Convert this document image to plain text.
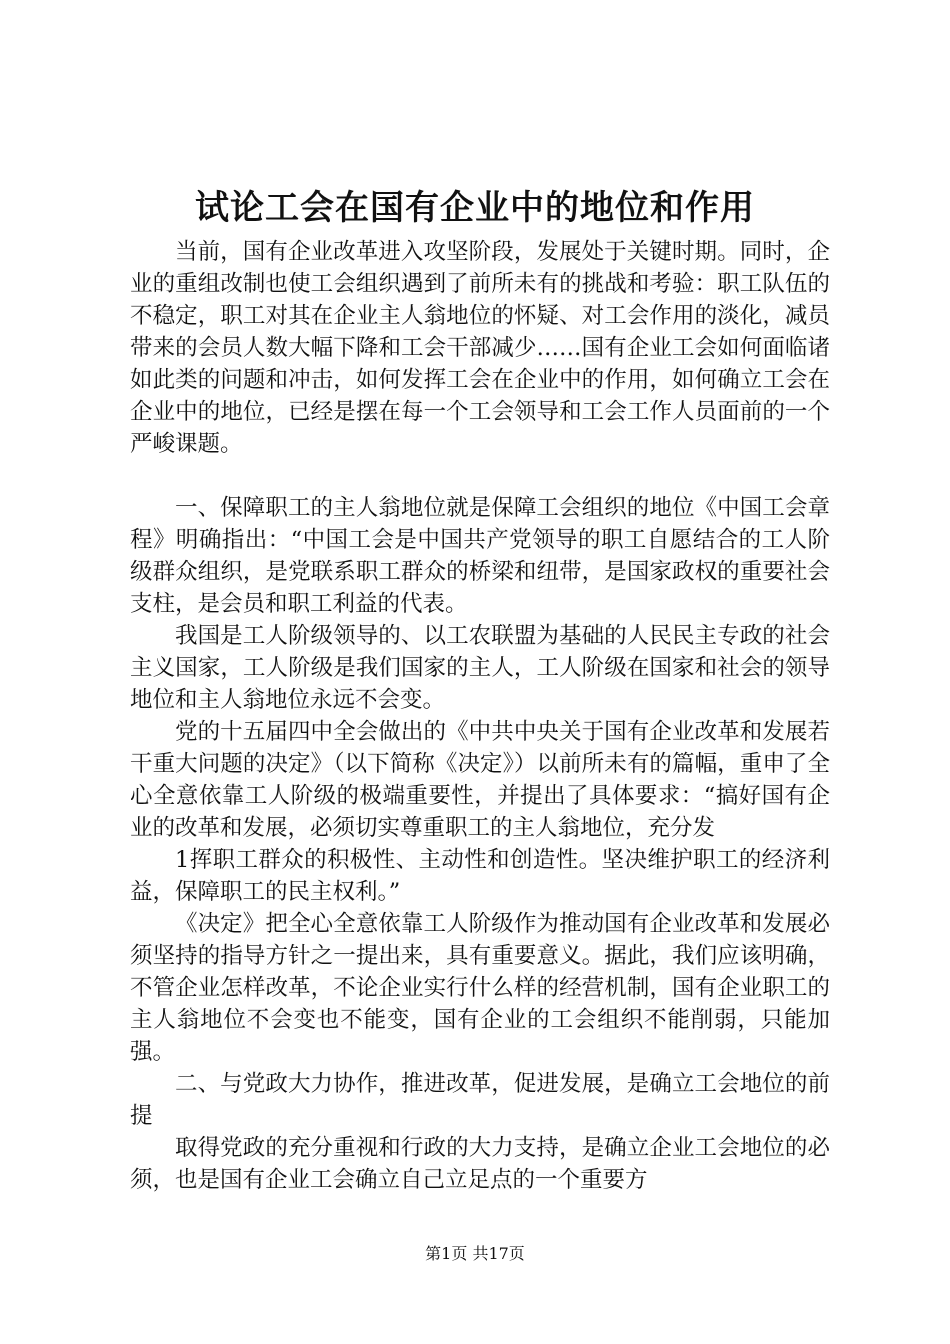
试论工会在国有企业中的地位和作用

当前，国有企业改革进入攻坚阶段，发展处于关键时期。同时，企业的重组改制也使工会组织遇到了前所未有的挑战和考验：职工队伍的不稳定，职工对其在企业主人翁地位的怀疑、对工会作用的淡化，减员带来的会员人数大幅下降和工会干部减少……国有企业工会如何面临诸如此类的问题和冲击，如何发挥工会在企业中的作用，如何确立工会在企业中的地位，已经是摆在每一个工会领导和工会工作人员面前的一个严峻课题。

一、保障职工的主人翁地位就是保障工会组织的地位《中国工会章程》明确指出：“中国工会是中国共产党领导的职工自愿结合的工人阶级群众组织，是党联系职工群众的桥梁和纽带，是国家政权的重要社会支柱，是会员和职工利益的代表。

我国是工人阶级领导的、以工农联盟为基础的人民民主专政的社会主义国家，工人阶级是我们国家的主人，工人阶级在国家和社会的领导地位和主人翁地位永远不会变。

党的十五届四中全会做出的《中共中央关于国有企业改革和发展若干重大问题的决定》（以下简称《决定》）以前所未有的篇幅，重申了全心全意依靠工人阶级的极端重要性，并提出了具体要求：“搞好国有企业的改革和发展，必须切实尊重职工的主人翁地位，充分发

1挥职工群众的积极性、主动性和创造性。坚决维护职工的经济利益，保障职工的民主权利。”

《决定》把全心全意依靠工人阶级作为推动国有企业改革和发展必须坚持的指导方针之一提出来，具有重要意义。据此，我们应该明确，不管企业怎样改革，不论企业实行什么样的经营机制，国有企业职工的主人翁地位不会变也不能变，国有企业的工会组织不能削弱，只能加强。

二、与党政大力协作，推进改革，促进发展，是确立工会地位的前提

取得党政的充分重视和行政的大力支持，是确立企业工会地位的必须，也是国有企业工会确立自己立足点的一个重要方

第1页 共17页
